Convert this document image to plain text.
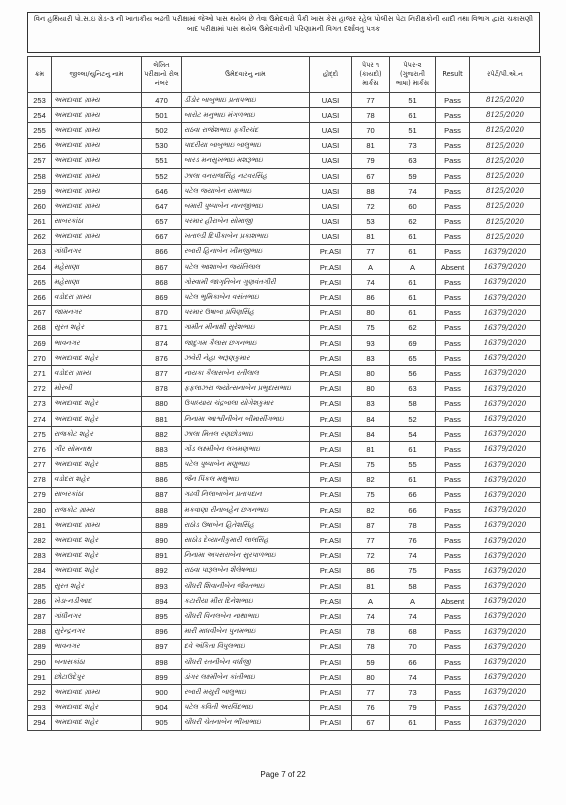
વિન હથિયારી પો.સ.ઇ ગ્રેડ-૩ ની ખાતાકીય બઢતી પરીક્ષામાં જેઓ પાસ થયેલ છે તેવા ઉમેદવારો પૈકી ખાસ કેસ હાજર રહેલ પોલીસ પેટા નિરીક્ષકોની યાદી તથા વિભાગ દ્વારા ચકાસણી બાદ પરીક્ષામાં પાસ થયેલ ઉમેદવારોની પરિણામની વિગત દર્શાવતુ પત્રક
ક્રમ	જીલ્લા/યુનિટનુ નામ	લેખિત પરીક્ષાનો રોલ નંબર	ઉમેદવારનુ નામ	હોદ્દો	પેપર ૧ (કાયદો) માર્કસ	પેપર-૨ (ગુજરાતી ભાષા) માર્કસ	Result	રપેર્ટ/પી.એ.ન
253	અમદાવાદ ગ્રામ્ય	470	ડીંડોર બાબુભાઇ પ્રતાપભાઇ	UASI	77	51	Pass	8125/2020
254	અમદાવાદ ગ્રામ્ય	501	બારોટ મનુભાઇ મંગળભાઇ	UASI	78	61	Pass	8125/2020
255	અમદાવાદ ગ્રામ્ય	502	રાઠવા રાજેશભાઇ ફકીરચંદ	UASI	70	51	Pass	8125/2020
256	અમદાવાદ ગ્રામ્ય	530	પાદરીયા બાબુભાઇ બાલુભાઇ	UASI	81	73	Pass	8125/2020
257	અમદાવાદ ગ્રામ્ય	551	બારડ મનસુખભાઇ મશરૂભાઇ	UASI	79	63	Pass	8125/2020
258	અમદાવાદ ગ્રામ્ય	552	ઝાલા વનરાજસિંહ નટવરસિંહ	UASI	67	59	Pass	8125/2020
259	અમદાવાદ ગ્રામ્ય	646	પટેલ જયાબેન રામાભાઇ	UASI	88	74	Pass	8125/2020
260	અમદાવાદ ગ્રામ્ય	647	બમારી પુષ્પાબેન નાનજીભાઇ	UASI	72	60	Pass	8125/2020
261	સાબરકાંઠા	657	પરમાર હીરાબેન સોમાજી	UASI	53	62	Pass	8125/2020
262	અમદાવાદ ગ્રામ્ય	667	ખતાલ્ડી દિપીકાબેન પ્રકાશભાઇ	UASI	81	61	Pass	8125/2020
263	ગાંધીનગર	866	રબારી હિનાબેન ખીમજીભાઇ	Pr.ASI	77	61	Pass	16379/2020
264	મહેસાણા	867	પટેલ આશાબેન જયંતિલાલ	Pr.ASI	A	A	Absent	16379/2020
265	મહેસાણા	868	ગોસ્વામી જાગૃતિબેન ગુણવંતગીરી	Pr.ASI	74	61	Pass	16379/2020
266	વડોદરા ગ્રામ્ય	869	પટેલ ભુમિકાબેન વસંતભાઇ	Pr.ASI	86	61	Pass	16379/2020
267	જામનગર	870	પરમાર ઉષાબા પ્રવિણસિંહ	Pr.ASI	80	61	Pass	16379/2020
268	સુરત શહેર	871	ગામીત મીનાક્ષી સુરેશભાઇ	Pr.ASI	75	62	Pass	16379/2020
269	ભાવનગર	874	જાદુગમ કૈલાસ છગનભાઇ	Pr.ASI	93	69	Pass	16379/2020
270	અમદાવાદ શહેર	876	ઝવેરી નેહા અરૂણકુમાર	Pr.ASI	83	65	Pass	16379/2020
271	વડોદરા ગ્રામ્ય	877	નાયકા કૈલાસબેન રતીલાલ	Pr.ASI	80	56	Pass	16379/2020
272	મોરબી	878	ફફલાઝરા જ્યોત્સનાબેન પ્રભુદાસભાઇ	Pr.ASI	80	63	Pass	16379/2020
273	અમદાવાદ શહેર	880	ઉપાધ્યાય ચંદ્રબાલા યોગેશકુમાર	Pr.ASI	83	58	Pass	16379/2020
274	અમદાવાદ શહેર	881	નિનામા આશ્વીનીબેન બીમાસીંગભાઇ	Pr.ASI	84	52	Pass	16379/2020
275	રાજકોટ શહેર	882	ઝાલા મિતલ રણછોડભાઇ	Pr.ASI	84	54	Pass	16379/2020
276	ગીર સોમનાથ	883	ગોંડ લક્ષ્મીબેન લખમણભાઇ	Pr.ASI	81	61	Pass	16379/2020
277	અમદાવાદ શહેર	885	પટેલ પુષ્પાબેન મણુભાઇ	Pr.ASI	75	55	Pass	16379/2020
278	વડોદરા શહેર	886	જૈન પિંકલ મથુભાઇ	Pr.ASI	82	61	Pass	16379/2020
279	સાબરકાંઠા	887	ગઢવી નિલાબાબેન પ્રતાપદાન	Pr.ASI	75	66	Pass	16379/2020
280	રાજકોટ ગ્રામ્ય	888	મકવાણા રીનાબહેન છગનભાઇ	Pr.ASI	82	66	Pass	16379/2020
281	અમદાવાદ ગ્રામ્ય	889	રાઠોડ ઉષાબેન હિતેશસિંહ	Pr.ASI	87	78	Pass	16379/2020
282	અમદાવાદ શહેર	890	સાઠોડ દેવ્યાનીકુમારી લાલસિંહ	Pr.ASI	77	76	Pass	16379/2020
283	અમદાવાદ શહેર	891	નિનામા અપસરાબેન સુરપાળભાઇ	Pr.ASI	72	74	Pass	16379/2020
284	અમદાવાદ શહેર	892	રાઠવા પારૂલબેન શૈલેષભાઇ	Pr.ASI	86	75	Pass	16379/2020
285	સુરત શહેર	893	ચૌધરી શિવાનીબેન જૈવતભાઇ	Pr.ASI	81	58	Pass	16379/2020
286	ખેડા-નડીઆદ	894	કટારીયા મીરા દિનેશભાઇ	Pr.ASI	A	A	Absent	16379/2020
287	ગાંધીનગર	895	ચૌધરી વિનલબેન નાથાભાઇ	Pr.ASI	74	74	Pass	16379/2020
288	સુરેન્દ્રનગર	896	મારી માધવીબેન પુનમભાઇ	Pr.ASI	78	68	Pass	16379/2020
289	ભાવનગર	897	દવે અંકિતા વિપુલભાઇ	Pr.ASI	78	70	Pass	16379/2020
290	બનાસકાંઠા	898	ચૌધરી રતનીબેન વર્ધાજી	Pr.ASI	59	66	Pass	16379/2020
291	છોટાઉદેપુર	899	ડાંગર લક્ષ્મીબેન કાંતીભાઇ	Pr.ASI	80	74	Pass	16379/2020
292	અમદાવાદ ગ્રામ્ય	900	રબારી મયુરી બાલુભાઇ	Pr.ASI	77	73	Pass	16379/2020
293	અમદાવાદ શહેર	904	પટેલ કવિતી અરવિંદભાઇ	Pr.ASI	76	79	Pass	16379/2020
294	અમદાવાદ શહેર	905	ચૌધરી ચેતનાબેન ભીખાભાઇ	Pr.ASI	67	61	Pass	16379/2020
Page 7 of 22
